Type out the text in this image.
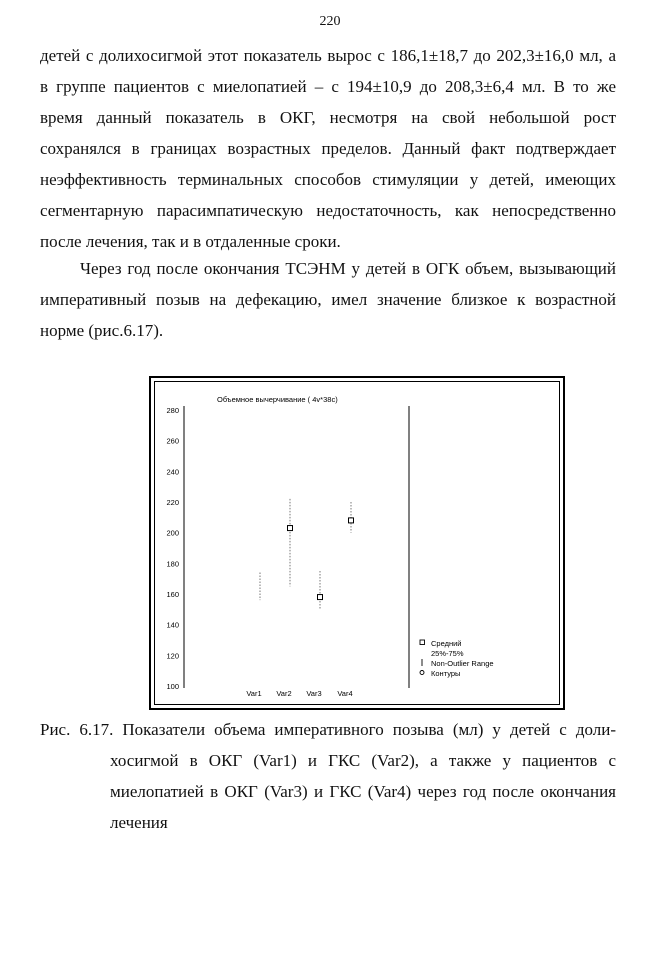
220
детей с долихосигмой этот показатель вырос с 186,1±18,7 до 202,3±16,0 мл, а
в группе пациентов с миелопатией – с 194±10,9 до 208,3±6,4 мл. В то же
время данный показатель в ОКГ, несмотря на свой небольшой рост
сохранялся в границах возрастных пределов. Данный факт подтверждает
неэффективность терминальных способов стимуляции у детей, имеющих
сегментарную парасимпатическую недостаточность, как непосредственно
после лечения, так и в отдаленные сроки.
Через год после окончания ТСЭНМ у детей в ОГК объем, вызывающий
императивный позыв на дефекацию, имел значение близкое к возрастной
норме (рис.6.17).
Объемное вычерчивание ( 4v*38c)
280
260
240
220
200
180
160
140
120
100
Var1 Var2 Var3 Var4
Средний
25%-75%
Non-Outlier Range
Контуры
Рис. 6.17. Показатели объема императивного позыва (мл) у детей с доли-
хосигмой в ОКГ (Var1) и ГКС (Var2), а также у пациентов с
миелопатией в ОКГ (Var3) и ГКС (Var4) через год после окончания
лечения
